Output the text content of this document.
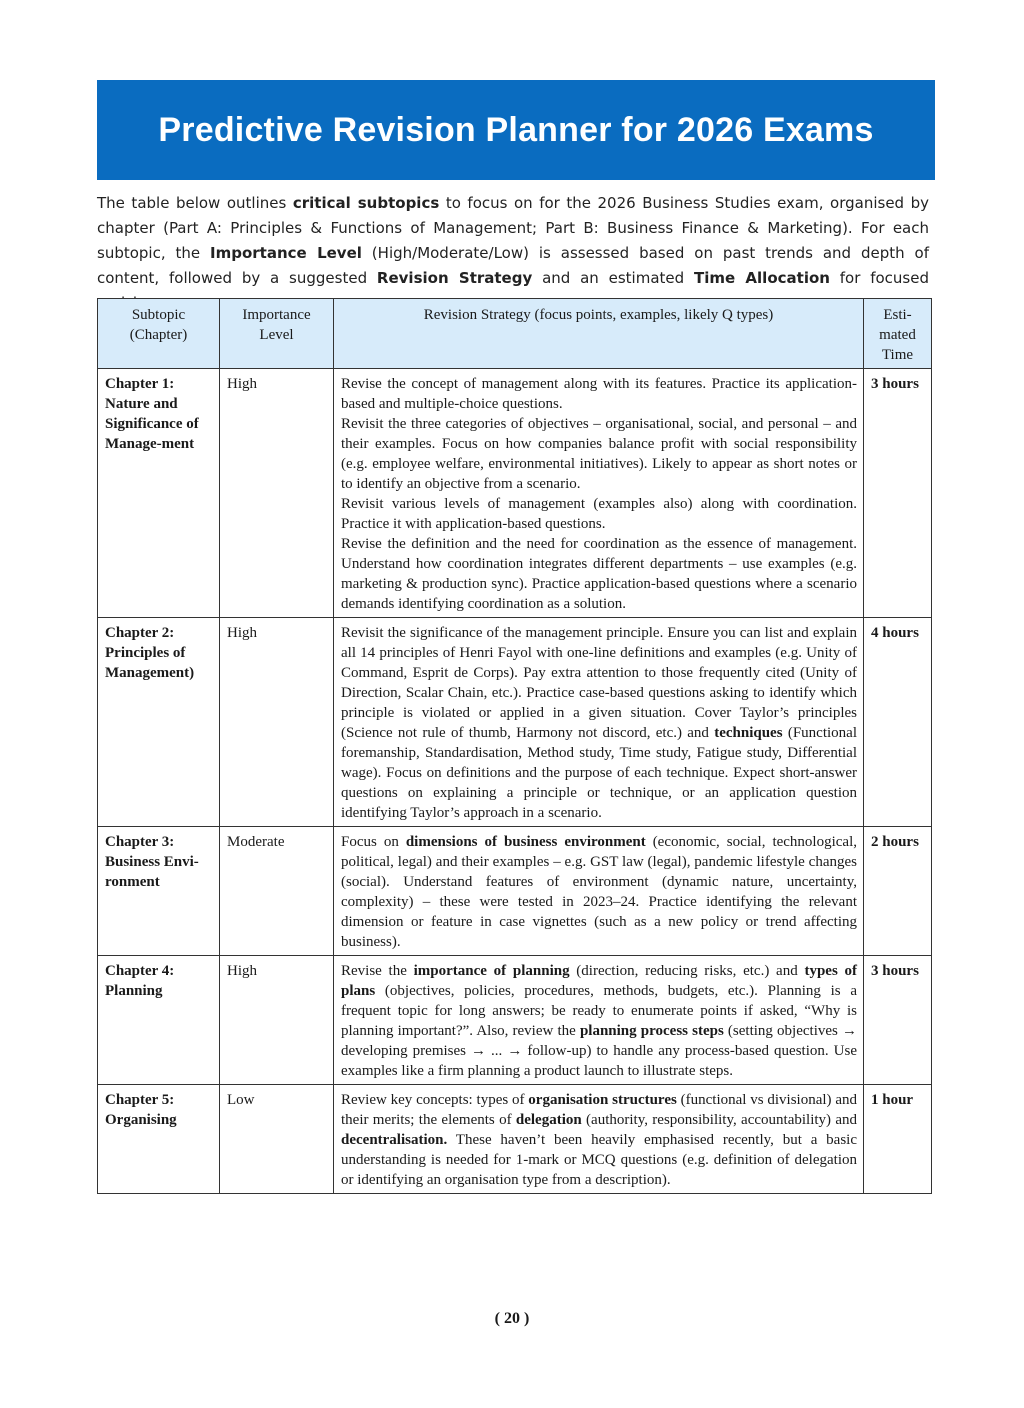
Predictive Revision Planner for 2026 Exams
The table below outlines critical subtopics to focus on for the 2026 Business Studies exam, organised by chapter (Part A: Principles & Functions of Management; Part B: Business Finance & Marketing). For each subtopic, the Importance Level (High/Moderate/Low) is assessed based on past trends and depth of content, followed by a suggested Revision Strategy and an estimated Time Allocation for focused
Subtopic (Chapter)	Importance Level	Revision Strategy (focus points, examples, likely Q types)	Esti-mated Time
Chapter 1: Nature and Significance of Manage-ment	High	Revise the concept of management along with its features. Practice its application-based and multiple-choice questions.
Revisit the three categories of objectives – organisational, social, and personal – and their examples. Focus on how companies balance profit with social responsibility (e.g. employee welfare, environmental initiatives). Likely to appear as short notes or to identify an objective from a scenario.
Revisit various levels of management (examples also) along with coordination. Practice it with application-based questions.
Revise the definition and the need for coordination as the essence of management. Understand how coordination integrates different departments – use examples (e.g. marketing & production sync). Practice application-based questions where a scenario demands identifying coordination as a solution.	3 hours
Chapter 2: Principles of Management)	High	Revisit the significance of the management principle. Ensure you can list and explain all 14 principles of Henri Fayol with one-line definitions and examples (e.g. Unity of Command, Esprit de Corps). Pay extra attention to those frequently cited (Unity of Direction, Scalar Chain, etc.). Practice case-based questions asking to identify which principle is violated or applied in a given situation. Cover Taylor’s principles (Science not rule of thumb, Harmony not discord, etc.) and techniques (Functional foremanship, Standardisation, Method study, Time study, Fatigue study, Differential wage). Focus on definitions and the purpose of each technique. Expect short-answer questions on explaining a principle or technique, or an application question identifying Taylor’s approach in a scenario.	4 hours
Chapter 3: Business Envi-ronment	Moderate	Focus on dimensions of business environment (economic, social, technological, political, legal) and their examples – e.g. GST law (legal), pandemic lifestyle changes (social). Understand features of environment (dynamic nature, uncertainty, complexity) – these were tested in 2023–24. Practice identifying the relevant dimension or feature in case vignettes (such as a new policy or trend affecting business).	2 hours
Chapter 4: Planning	High	Revise the importance of planning (direction, reducing risks, etc.) and types of plans (objectives, policies, procedures, methods, budgets, etc.). Planning is a frequent topic for long answers; be ready to enumerate points if asked, “Why is planning important?”. Also, review the planning process steps (setting objectives → developing premises → ... → follow-up) to handle any process-based question. Use examples like a firm planning a product launch to illustrate steps.	3 hours
Chapter 5: Organising	Low	Review key concepts: types of organisation structures (functional vs divisional) and their merits; the elements of delegation (authority, responsibility, accountability) and decentralisation. These haven’t been heavily emphasised recently, but a basic understanding is needed for 1-mark or MCQ questions (e.g. definition of delegation or identifying an organisation type from a description).	1 hour
( 20 )
